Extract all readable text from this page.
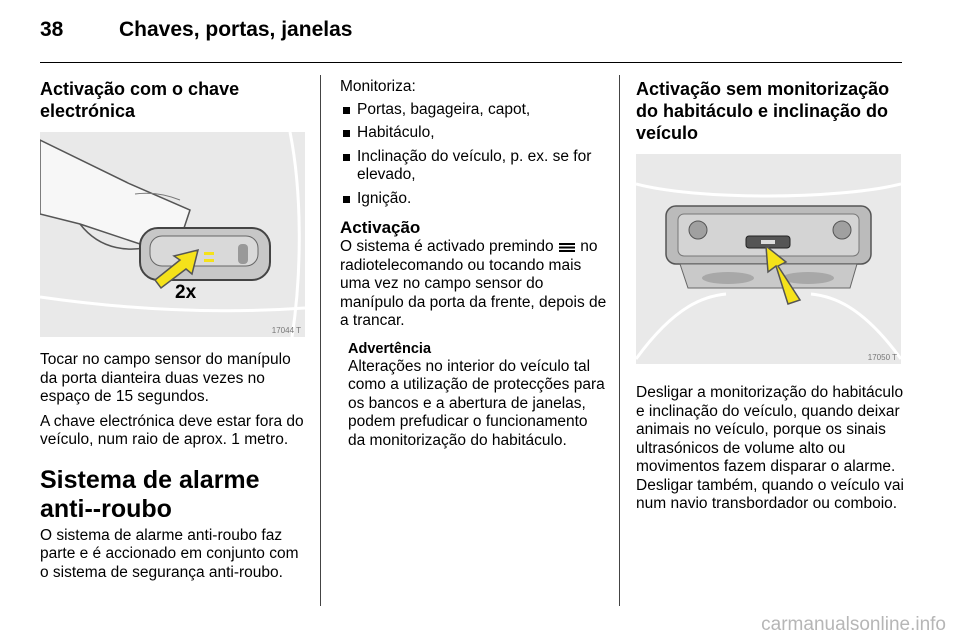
38	Chaves, portas, janelas
Activação com o chave electrónica
2x
17044 T

Tocar no campo sensor do manípulo da porta dianteira duas vezes no espaço de 15 segundos.

A chave electrónica deve estar fora do veículo, num raio de aprox. 1 metro.

Sistema de alarme anti--roubo

O sistema de alarme anti-roubo faz parte e é accionado em conjunto com o sistema de segurança anti-roubo.

Monitoriza:

Portas, bagageira, capot,
Habitáculo,
Inclinação do veículo, p. ex. se for elevado,
Ignição.
Activação

O sistema é activado premindo no radiotelecomando ou tocando mais uma vez no campo sensor do manípulo da porta da frente, depois de a trancar.

Advertência
Alterações no interior do veículo tal como a utilização de protecções para os bancos e a abertura de janelas, podem prefudicar o funcionamento da monitorização do habitáculo.
Activação sem monitorização do habitáculo e inclinação do veículo
17050 T

Desligar a monitorização do habitáculo e inclinação do veículo, quando deixar animais no veículo, porque os sinais ultrasónicos de volume alto ou movimentos fazem disparar o alarme. Desligar também, quando o veículo vai num navio transbordador ou comboio.

carmanualsonline.info
